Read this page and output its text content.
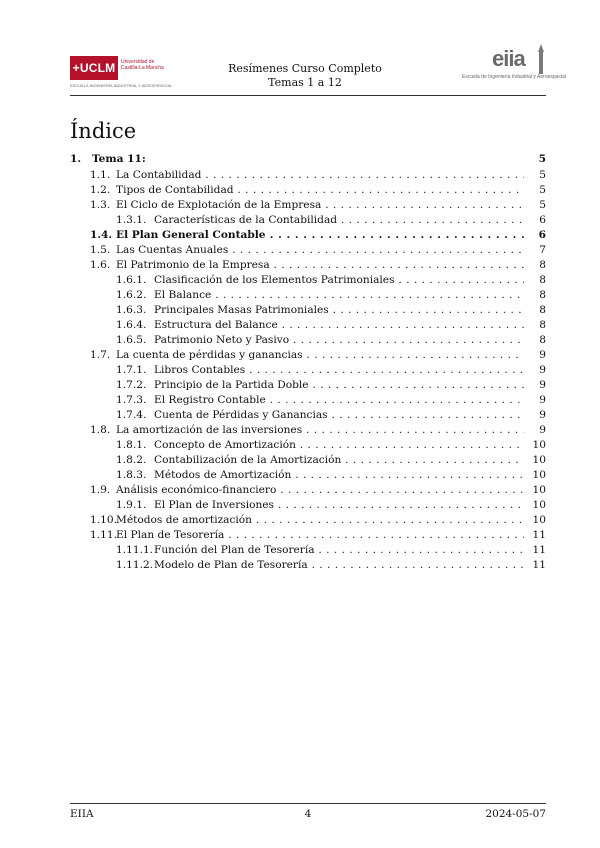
+UCLM	Universidad de Castilla-La Mancha
ESCUELA INGENIERÍA INDUSTRIAL Y AEROESPACIAL
Resímenes Curso Completo
Temas 1 a 12
eiia
Escuela de Ingeniería Industrial y Aeroespacial
Índice
1. Tema 11:	5
1.1. La Contabilidad . . .	5
1.2. Tipos de Contabilidad . . .	5
1.3. El Ciclo de Explotación de la Empresa . . .	5
1.3.1. Características de la Contabilidad . . .	6
1.4. El Plan General Contable . . .	6
1.5. Las Cuentas Anuales . . .	7
1.6. El Patrimonio de la Empresa . . .	8
1.6.1. Clasificación de los Elementos Patrimoniales . . .	8
1.6.2. El Balance . . .	8
1.6.3. Principales Masas Patrimoniales . . .	8
1.6.4. Estructura del Balance . . .	8
1.6.5. Patrimonio Neto y Pasivo . . .	8
1.7. La cuenta de pérdidas y ganancias . . .	9
1.7.1. Libros Contables . . .	9
1.7.2. Principio de la Partida Doble . . .	9
1.7.3. El Registro Contable . . .	9
1.7.4. Cuenta de Pérdidas y Ganancias . . .	9
1.8. La amortización de las inversiones . . .	9
1.8.1. Concepto de Amortización . . .	10
1.8.2. Contabilización de la Amortización . . .	10
1.8.3. Métodos de Amortización . . .	10
1.9. Análisis económico-financiero . . .	10
1.9.1. El Plan de Inversiones . . .	10
1.10. Métodos de amortización . . .	10
1.11. El Plan de Tesorería . . .	11
1.11.1. Función del Plan de Tesorería . . .	11
1.11.2. Modelo de Plan de Tesorería . . .	11
EIIA	4	2024-05-07
